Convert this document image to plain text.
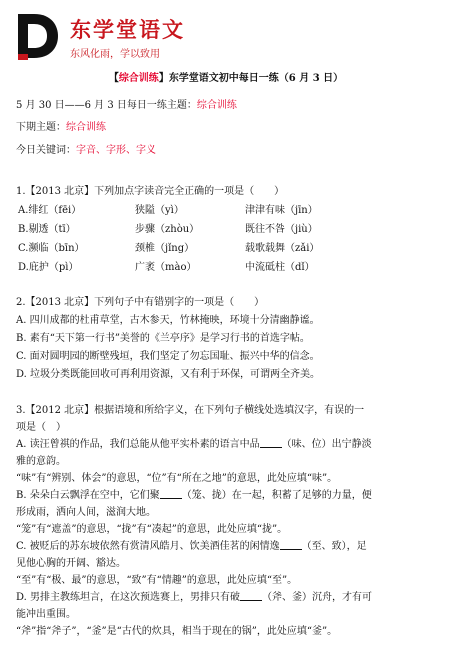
东学堂语文
东风化雨，学以致用
【综合训练】东学堂语文初中每日一练（6 月 3 日）
5 月 30 日——6 月 3 日每日一练主题：综合训练
下期主题：综合训练
今日关键词：字音、字形、字义
1.【2013 北京】下列加点字读音完全正确的一项是（　　）
A.绯红（fēi）	狭隘（yì）	津津有味（jīn）
B.剔透（tī）	步骤（zhòu）	既往不咎（jiù）
C.濒临（bīn）	颈椎（jǐng）	载歌载舞（zǎi）
D.庇护（pì）	广袤（mào）	中流砥柱（dǐ）
2.【2013 北京】下列句子中有错别字的一项是（　　）
A. 四川成都的杜甫草堂，古木参天，竹林掩映，环境十分清幽静谧。
B. 素有“天下第一行书”美誉的《兰亭序》是学习行书的首选字帖。
C. 面对圆明园的断壁残垣，我们坚定了勿忘国耻、振兴中华的信念。
D. 垃圾分类既能回收可再利用资源，又有利于环保，可谓两全齐美。
3.【2012 北京】根据语境和所给字义，在下列句子横线处选填汉字，有误的一
项是（　）
A. 读汪曾祺的作品，我们总能从他平实朴素的语言中品 （味、位）出宁静淡
雅的意韵。
“味”有“辨别、体会”的意思，“位”有“所在之地”的意思，此处应填“味”。
B. 朵朵白云飘浮在空中，它们聚 （笼、拢）在一起，积蓄了足够的力量，便
形成雨，洒向人间，滋润大地。
“笼”有“遮盖”的意思，“拢”有“凑起”的意思，此处应填“拢”。
C. 被贬后的苏东坡依然有赏清风皓月、饮美酒佳茗的闲情逸 （至、致），足
见他心胸的开阔、豁达。
“至”有“极、最”的意思，“致”有“情趣”的意思，此处应填“至”。
D. 男排主教练坦言，在这次预选赛上，男排只有破 （斧、釜）沉舟，才有可
能冲出重围。
“斧”指“斧子”，“釜”是“古代的炊具，相当于现在的锅”，此处应填“釜”。
